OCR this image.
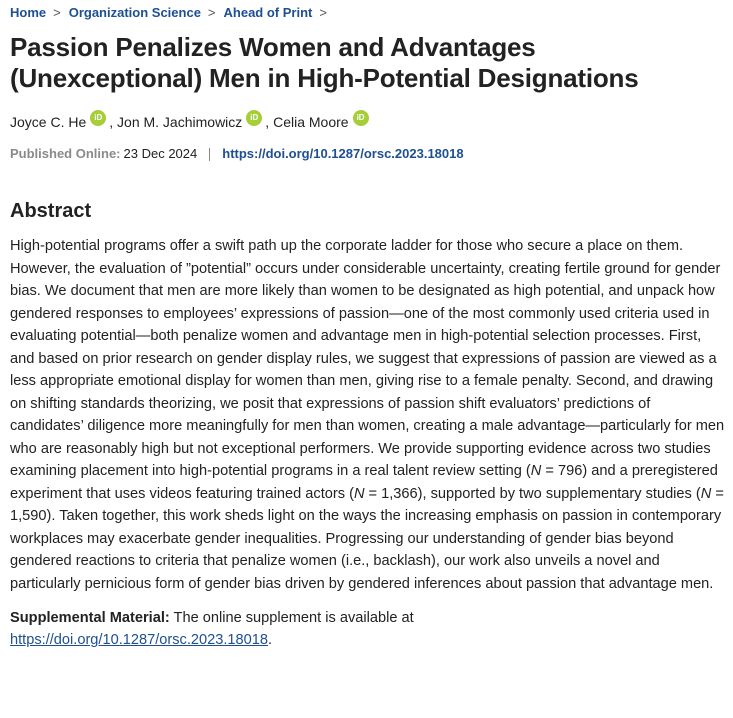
Home > Organization Science > Ahead of Print >
Passion Penalizes Women and Advantages
(Unexceptional) Men in High-Potential Designations
Joyce C. He	iD ,
Jon M. Jachimowicz	iD ,
Celia Moore	iD
Published Online: 23 Dec 2024 https://doi.org/10.1287/orsc.2023.18018
Abstract

High-potential programs offer a swift path up the corporate ladder for those who secure a place on them. However, the evaluation of ”potential” occurs under considerable uncertainty, creating fertile ground for gender bias. We document that men are more likely than women to be designated as high potential, and unpack how gendered responses to employees’ expressions of passion—one of the most commonly used criteria used in evaluating potential—both penalize women and advantage men in high-potential selection processes. First, and based on prior research on gender display rules, we suggest that expressions of passion are viewed as a less appropriate emotional display for women than men, giving rise to a female penalty. Second, and drawing on shifting standards theorizing, we posit that expressions of passion shift evaluators’ predictions of candidates’ diligence more meaningfully for men than women, creating a male advantage—particularly for men who are reasonably high but not exceptional performers. We provide supporting evidence across two studies examining placement into high-potential programs in a real talent review setting (N = 796) and a preregistered experiment that uses videos featuring trained actors (N = 1,366), supported by two supplementary studies (N = 1,590). Taken together, this work sheds light on the ways the increasing emphasis on passion in contemporary workplaces may exacerbate gender inequalities. Progressing our understanding of gender bias beyond gendered reactions to criteria that penalize women (i.e., backlash), our work also unveils a novel and particularly pernicious form of gender bias driven by gendered inferences about passion that advantage men.

Supplemental Material: The online supplement is available at
https://doi.org/10.1287/orsc.2023.18018.
